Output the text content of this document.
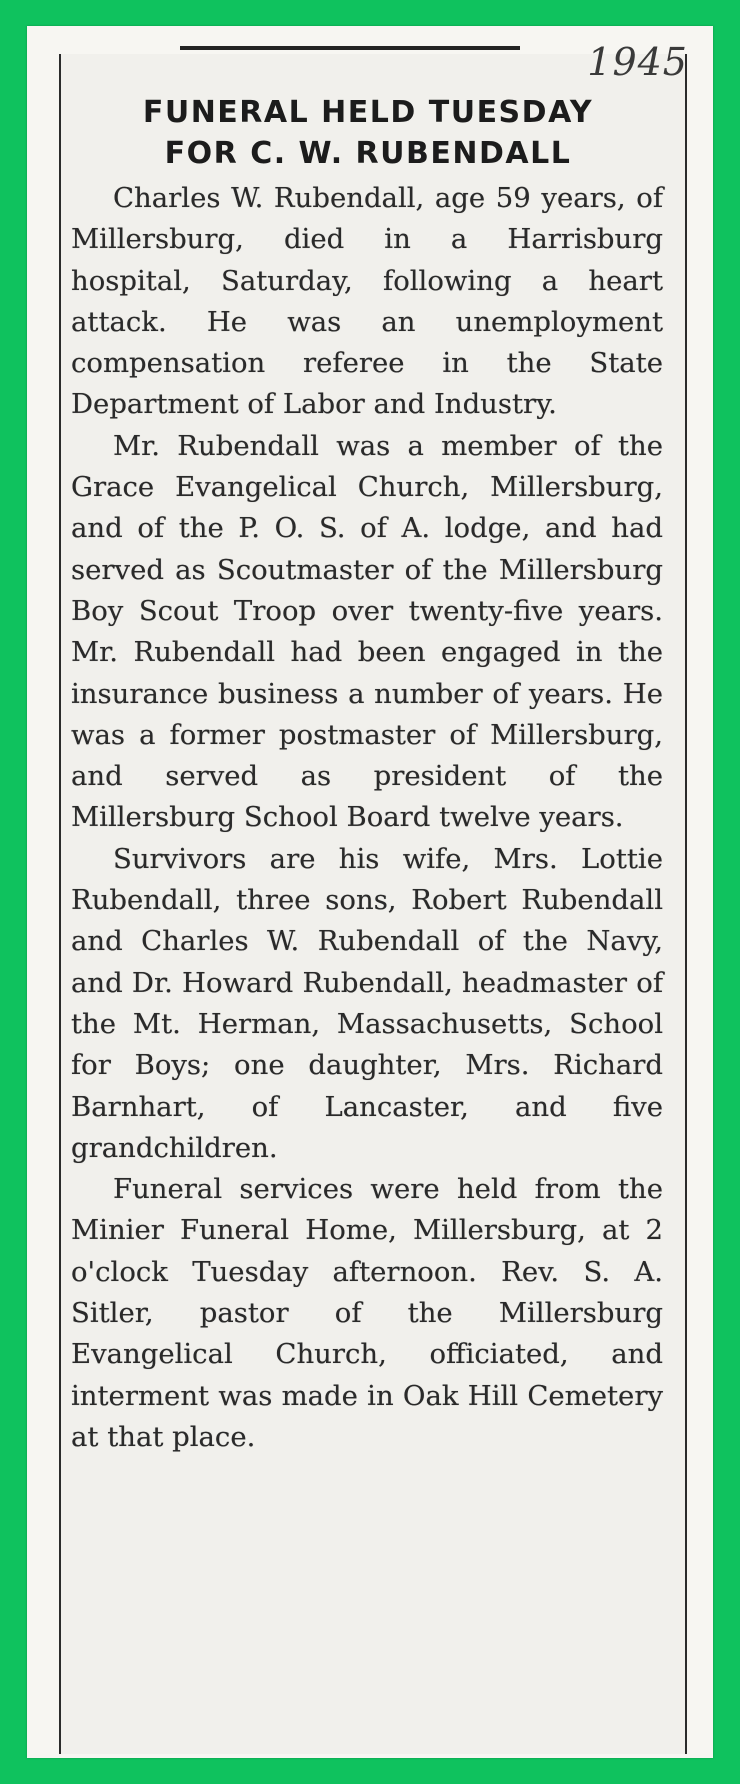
1945
FUNERAL HELD TUESDAY
FOR C. W. RUBENDALL

Charles W. Rubendall, age 59 years, of Millersburg, died in a Harrisburg hospital, Saturday, following a heart attack. He was an unemployment compensation referee in the State Department of Labor and Industry.

Mr. Rubendall was a member of the Grace Evangelical Church, Millersburg, and of the P. O. S. of A. lodge, and had served as Scoutmaster of the Millersburg Boy Scout Troop over twenty-five years. Mr. Rubendall had been engaged in the insurance business a number of years. He was a former postmaster of Millersburg, and served as president of the Millersburg School Board twelve years.

Survivors are his wife, Mrs. Lottie Rubendall, three sons, Robert Rubendall and Charles W. Rubendall of the Navy, and Dr. Howard Rubendall, headmaster of the Mt. Herman, Massachusetts, School for Boys; one daughter, Mrs. Richard Barnhart, of Lancaster, and five grandchildren.

Funeral services were held from the Minier Funeral Home, Millersburg, at 2 o'clock Tuesday afternoon. Rev. S. A. Sitler, pastor of the Millersburg Evangelical Church, officiated, and interment was made in Oak Hill Cemetery at that place.
